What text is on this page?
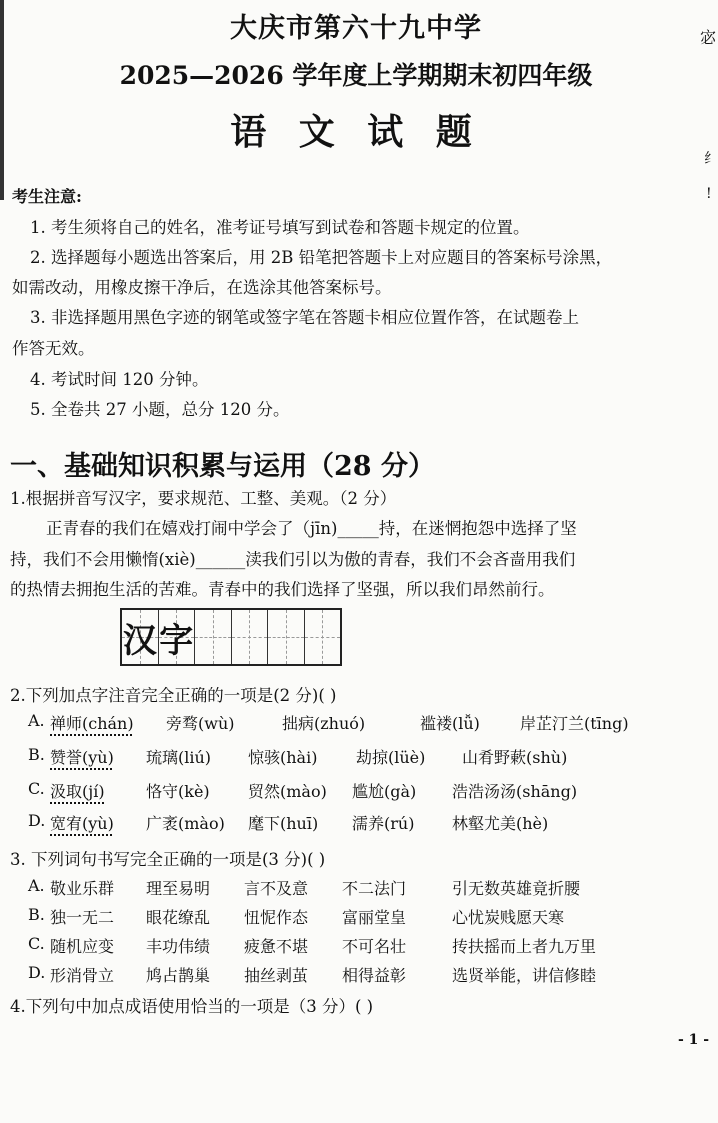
大庆市第六十九中学
2025—2026 学年度上学期期末初四年级
语 文 试 题
宓
纟
!
考生注意:
1. 考生须将自己的姓名，准考证号填写到试卷和答题卡规定的位置。
2. 选择题每小题选出答案后，用 2B 铅笔把答题卡上对应题目的答案标号涂黑，
如需改动，用橡皮擦干净后，在选涂其他答案标号。
3. 非选择题用黑色字迹的钢笔或签字笔在答题卡相应位置作答，在试题卷上
作答无效。
4. 考试时间 120 分钟。
5. 全卷共 27 小题，总分 120 分。
一、基础知识积累与运用（28 分）
1.根据拼音写汉字，要求规范、工整、美观。（2 分）
正青春的我们在嬉戏打闹中学会了（jīn)_____持，在迷惘抱怨中选择了坚
持，我们不会用懒惰(xiè)______渎我们引以为傲的青春，我们不会吝啬用我们
的热情去拥抱生活的苦难。青春中的我们选择了坚强，所以我们昂然前行。
汉 字
2.下列加点字注音完全正确的一项是(2 分)( )
A. 禅师(chán) 旁骛(wù)	拙病(zhuó)	褴褛(lǚ)	岸芷汀兰(tīng)
B. 赞誉(yù) 琉璃(liú) 惊骇(hài) 劫掠(lüè) 山肴野蔌(shù)
C. 汲取(jí)	恪守(kè) 贸然(mào) 尴尬(gà) 浩浩汤汤(shāng)
D. 宽宥(yù) 广袤(mào) 麾下(huī) 濡养(rú) 林壑尤美(hè)
3. 下列词句书写完全正确的一项是(3 分)( )
A. 敬业乐群 理至易明 言不及意 不二法门	引无数英雄竟折腰
B. 独一无二 眼花缭乱 忸怩作态 富丽堂皇	心忧炭贱愿天寒
C. 随机应变 丰功伟绩 疲惫不堪 不可名壮	抟扶摇而上者九万里
D. 形消骨立 鸠占鹊巢 抽丝剥茧 相得益彰	选贤举能，讲信修睦
4.下列句中加点成语使用恰当的一项是（3 分）( )
- 1 -
